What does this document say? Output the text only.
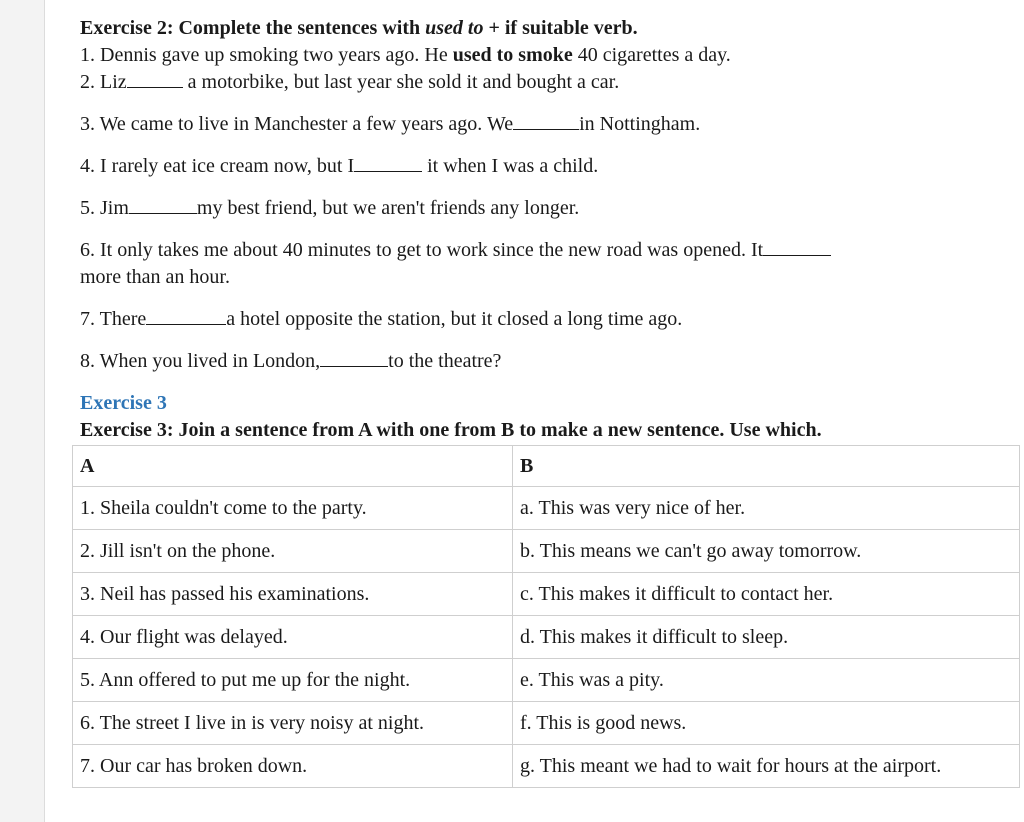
Exercise 2: Complete the sentences with used to + if suitable verb.
1. Dennis gave up smoking two years ago. He used to smoke 40 cigarettes a day.
2. Liz	a motorbike, but last year she sold it and bought a car.
3. We came to live in Manchester a few years ago. We	in Nottingham.
4. I rarely eat ice cream now, but I	it when I was a child.
5. Jim	my best friend, but we aren't friends any longer.
6. It only takes me about 40 minutes to get to work since the new road was opened. It
more than an hour.
7. There	a hotel opposite the station, but it closed a long time ago.
8. When you lived in London,	to the theatre?
Exercise 3
Exercise 3: Join a sentence from A with one from B to make a new sentence. Use which.
A	B
1. Sheila couldn't come to the party.	a. This was very nice of her.
2. Jill isn't on the phone.	b. This means we can't go away tomorrow.
3. Neil has passed his examinations.	c. This makes it difficult to contact her.
4. Our flight was delayed.	d. This makes it difficult to sleep.
5. Ann offered to put me up for the night.	e. This was a pity.
6. The street I live in is very noisy at night.	f. This is good news.
7. Our car has broken down.	g. This meant we had to wait for hours at the airport.
